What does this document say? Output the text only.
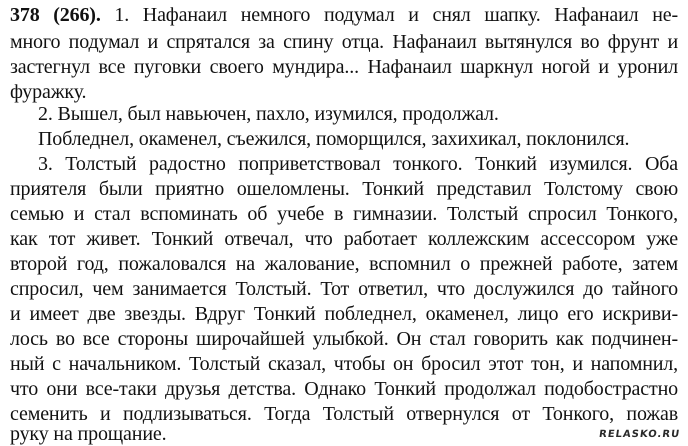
378 (266). 1. Нафанаил немного подумал и снял шапку. Нафанаил не-
много подумал и спрятался за спину отца. Нафанаил вытянулся во фрунт и
застегнул все пуговки своего мундира... Нафанаил шаркнул ногой и уронил
фуражку.
2. Вышел, был навьючен, пахло, изумился, продолжал.
Побледнел, окаменел, съежился, поморщился, захихикал, поклонился.
3. Толстый радостно поприветствовал тонкого. Тонкий изумился. Оба
приятеля были приятно ошеломлены. Тонкий представил Толстому свою
семью и стал вспоминать об учебе в гимназии. Толстый спросил Тонкого,
как тот живет. Тонкий отвечал, что работает коллежским ассессором уже
второй год, пожаловался на жалование, вспомнил о прежней работе, затем
спросил, чем занимается Толстый. Тот ответил, что дослужился до тайного
и имеет две звезды. Вдруг Тонкий побледнел, окаменел, лицо его искриви-
лось во все стороны широчайшей улыбкой. Он стал говорить как подчинен-
ный с начальником. Толстый сказал, чтобы он бросил этот тон, и напомнил,
что они все-таки друзья детства. Однако Тонкий продолжал подобострастно
семенить и подлизываться. Тогда Толстый отвернулся от Тонкого, пожав
руку на прощание.	RELASKO.RU
